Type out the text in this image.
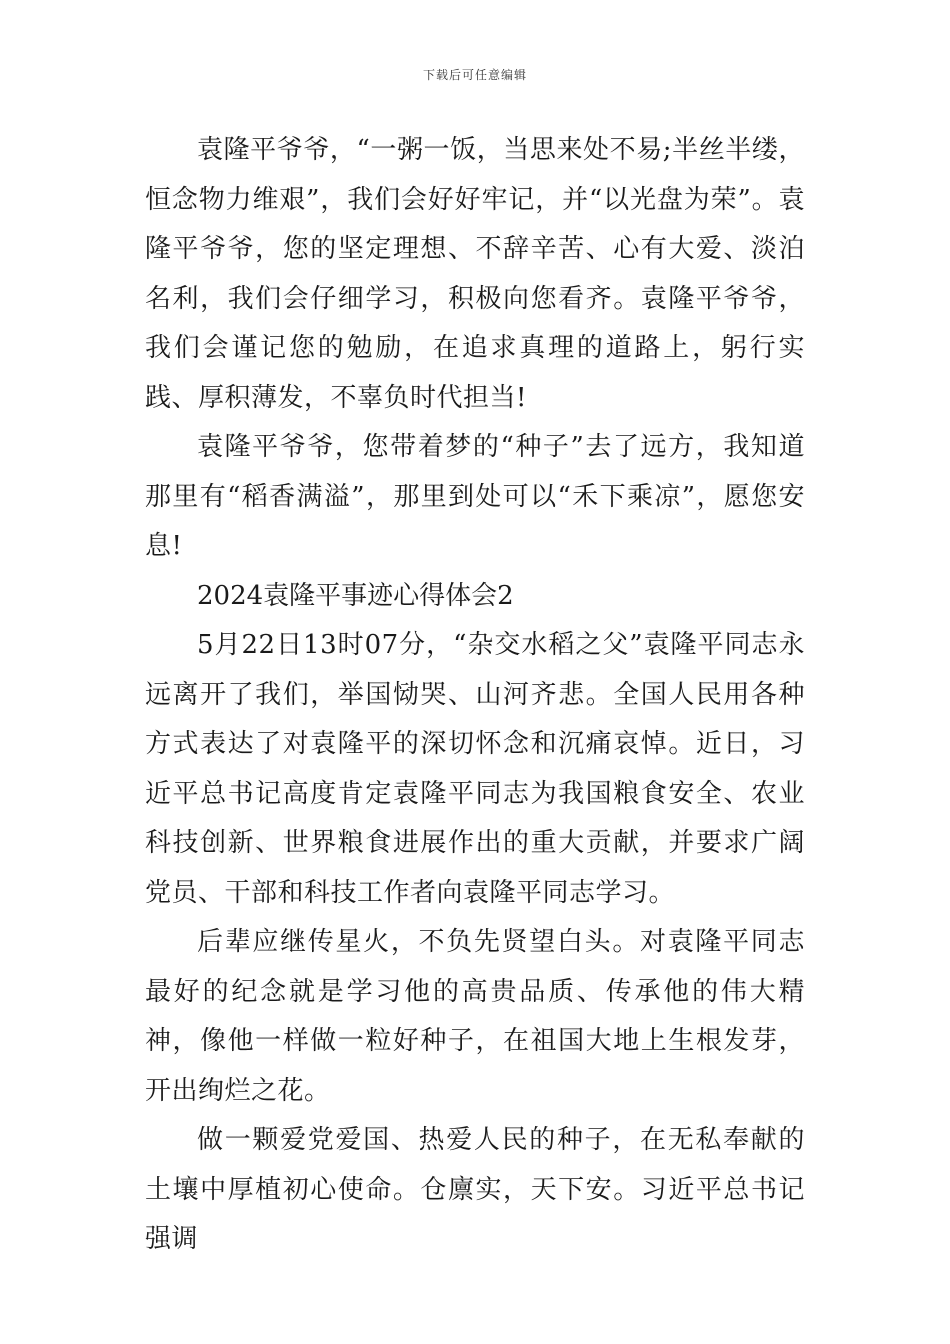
下载后可任意编辑

袁隆平爷爷，“一粥一饭，当思来处不易;半丝半缕，恒念物力维艰”，我们会好好牢记，并“以光盘为荣”。袁隆平爷爷，您的坚定理想、不辞辛苦、心有大爱、淡泊名利，我们会仔细学习，积极向您看齐。袁隆平爷爷，我们会谨记您的勉励，在追求真理的道路上，躬行实践、厚积薄发，不辜负时代担当!

袁隆平爷爷，您带着梦的“种子”去了远方，我知道那里有“稻香满溢”，那里到处可以“禾下乘凉”，愿您安息!

2024袁隆平事迹心得体会2

5月22日13时07分，“杂交水稻之父”袁隆平同志永远离开了我们，举国恸哭、山河齐悲。全国人民用各种方式表达了对袁隆平的深切怀念和沉痛哀悼。近日，习近平总书记高度肯定袁隆平同志为我国粮食安全、农业科技创新、世界粮食进展作出的重大贡献，并要求广阔党员、干部和科技工作者向袁隆平同志学习。

后辈应继传星火，不负先贤望白头。对袁隆平同志最好的纪念就是学习他的高贵品质、传承他的伟大精神，像他一样做一粒好种子，在祖国大地上生根发芽，开出绚烂之花。

做一颗爱党爱国、热爱人民的种子，在无私奉献的土壤中厚植初心使命。仓廪实，天下安。习近平总书记强调
